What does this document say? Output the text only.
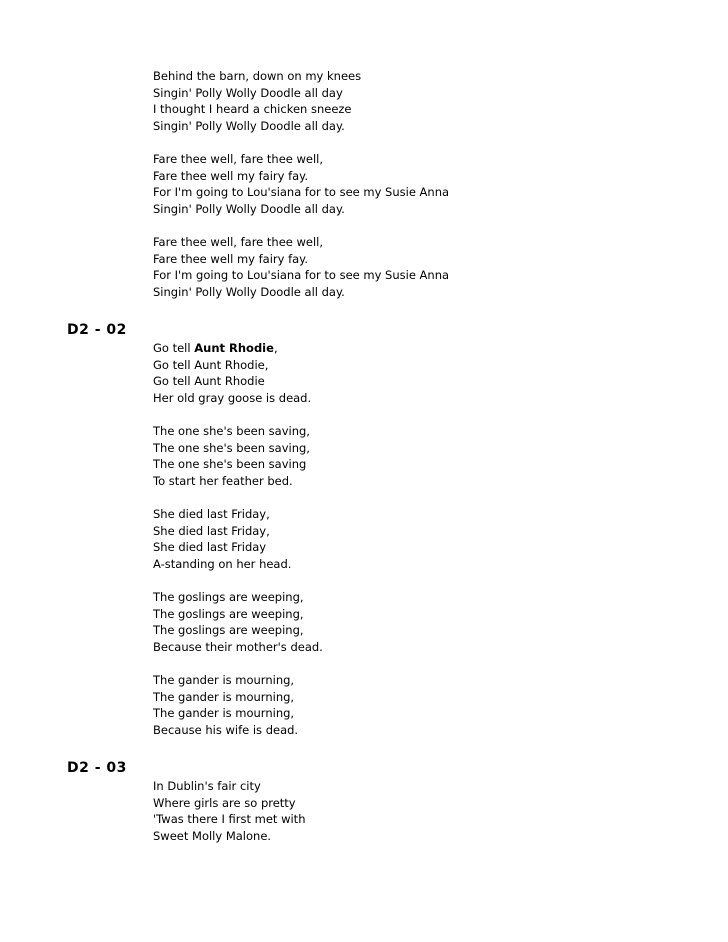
Behind the barn, down on my knees
Singin' Polly Wolly Doodle all day
I thought I heard a chicken sneeze
Singin' Polly Wolly Doodle all day.
Fare thee well, fare thee well,
Fare thee well my fairy fay.
For I'm going to Lou'siana for to see my Susie Anna
Singin' Polly Wolly Doodle all day.
Fare thee well, fare thee well,
Fare thee well my fairy fay.
For I'm going to Lou'siana for to see my Susie Anna
Singin' Polly Wolly Doodle all day.
D2 - 02
Go tell Aunt Rhodie,
Go tell Aunt Rhodie,
Go tell Aunt Rhodie
Her old gray goose is dead.
The one she's been saving,
The one she's been saving,
The one she's been saving
To start her feather bed.
She died last Friday,
She died last Friday,
She died last Friday
A-standing on her head.
The goslings are weeping,
The goslings are weeping,
The goslings are weeping,
Because their mother's dead.
The gander is mourning,
The gander is mourning,
The gander is mourning,
Because his wife is dead.
D2 - 03
In Dublin's fair city
Where girls are so pretty
'Twas there I first met with
Sweet Molly Malone.
